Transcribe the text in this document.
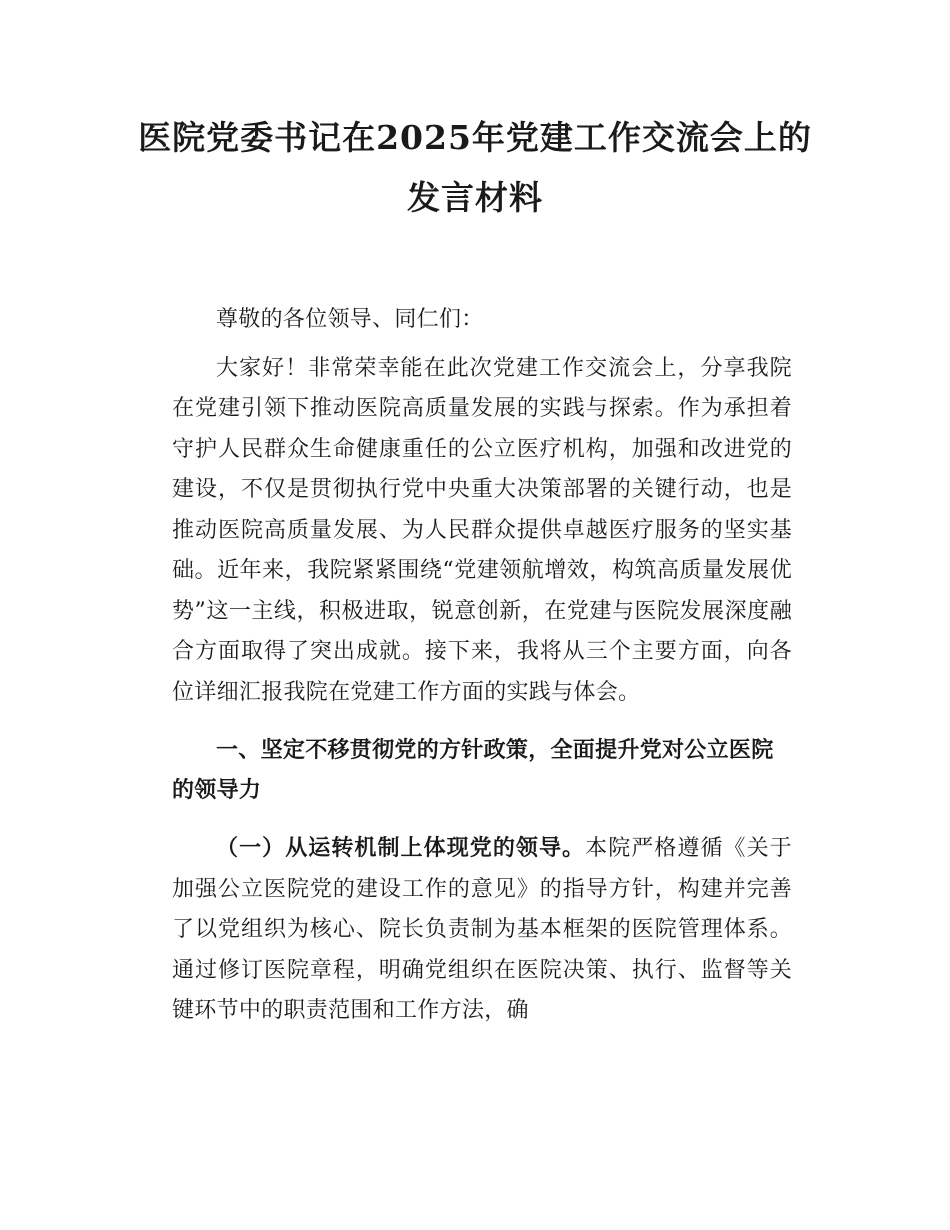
医院党委书记在2025年党建工作交流会上的
发言材料

尊敬的各位领导、同仁们：

大家好！非常荣幸能在此次党建工作交流会上，分享我院在党建引领下推动医院高质量发展的实践与探索。作为承担着守护人民群众生命健康重任的公立医疗机构，加强和改进党的建设，不仅是贯彻执行党中央重大决策部署的关键行动，也是推动医院高质量发展、为人民群众提供卓越医疗服务的坚实基础。近年来，我院紧紧围绕“党建领航增效，构筑高质量发展优势”这一主线，积极进取，锐意创新，在党建与医院发展深度融合方面取得了突出成就。接下来，我将从三个主要方面，向各位详细汇报我院在党建工作方面的实践与体会。

一、坚定不移贯彻党的方针政策，全面提升党对公立医院的领导力

（一）从运转机制上体现党的领导。本院严格遵循《关于加强公立医院党的建设工作的意见》的指导方针，构建并完善了以党组织为核心、院长负责制为基本框架的医院管理体系。通过修订医院章程，明确党组织在医院决策、执行、监督等关键环节中的职责范围和工作方法，确
